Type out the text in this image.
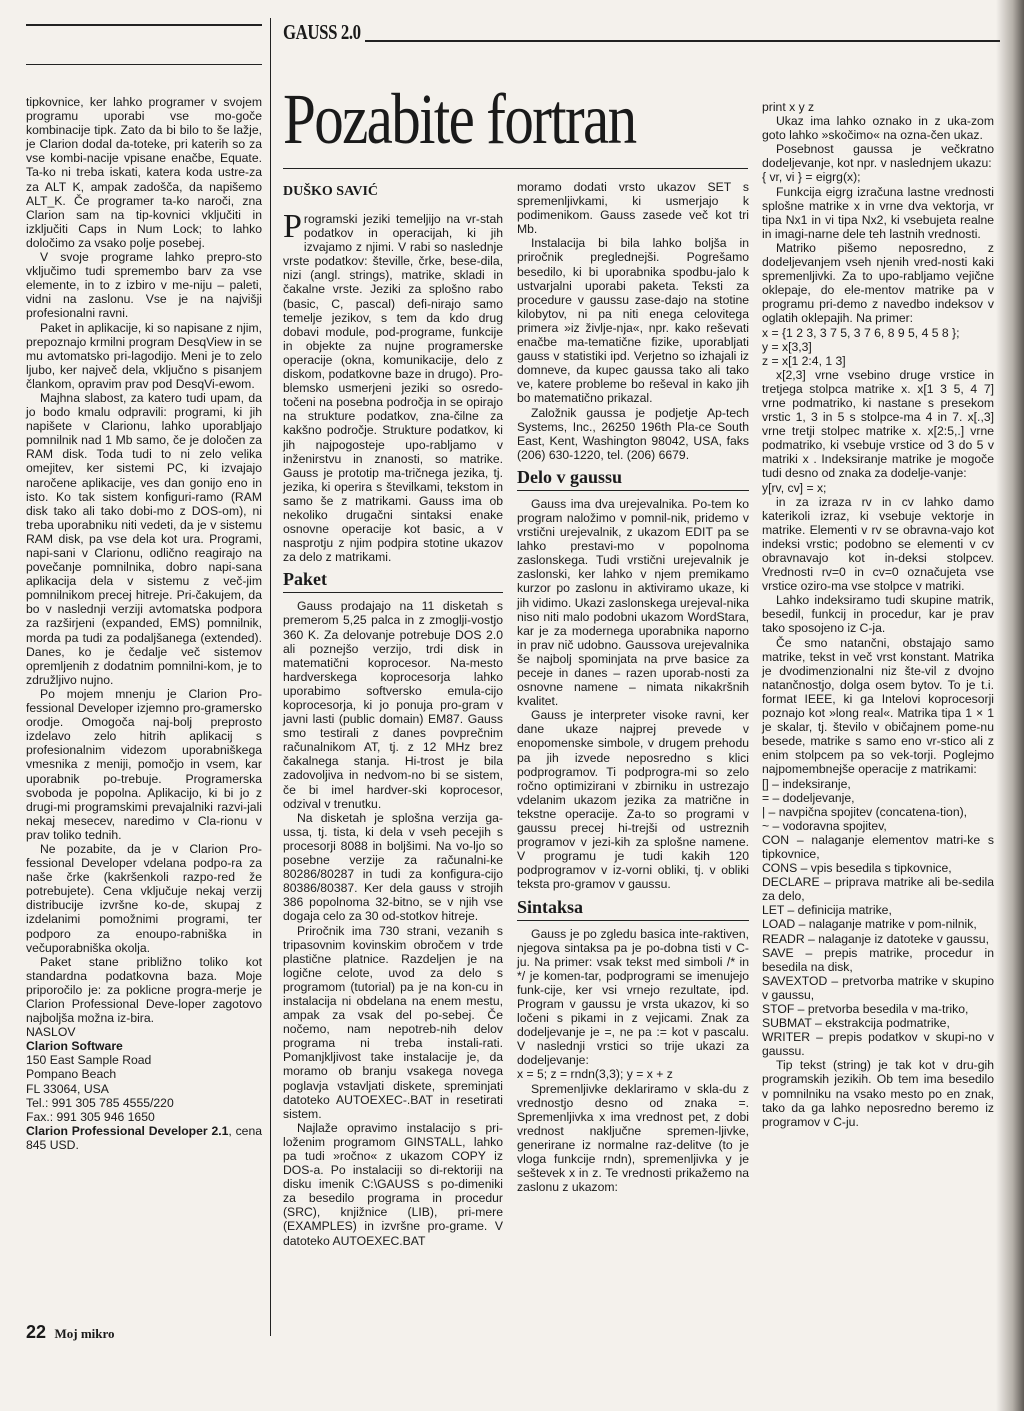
GAUSS 2.0

tipkovnice, ker lahko programer v svojem programu uporabi vse mo-goče kombinacije tipk. Zato da bi bilo to še lažje, je Clarion dodal da-toteke, pri katerih so za vse kombi-nacije vpisane enačbe, Equate. Ta-ko ni treba iskati, katera koda ustre-za za ALT K, ampak zadošča, da napišemo ALT_K. Če programer ta-ko naroči, zna Clarion sam na tip-kovnici vključiti in izključiti Caps in Num Lock; to lahko določimo za vsako polje posebej.

V svoje programe lahko prepro-sto vključimo tudi spremembo barv za vse elemente, in to z izbiro v me-niju – paleti, vidni na zaslonu. Vse je na najvišji profesionalni ravni.

Paket in aplikacije, ki so napisane z njim, prepoznajo krmilni program DesqView in se mu avtomatsko pri-lagodijo. Meni je to zelo ljubo, ker največ dela, vključno s pisanjem člankom, opravim prav pod DesqVi-ewom.

Majhna slabost, za katero tudi upam, da jo bodo kmalu odpravili: programi, ki jih napišete v Clarionu, lahko uporabljajo pomnilnik nad 1 Mb samo, če je določen za RAM disk. Toda tudi to ni zelo velika omejitev, ker sistemi PC, ki izvajajo naročene aplikacije, ves dan gonijo eno in isto. Ko tak sistem konfiguri-ramo (RAM disk tako ali tako dobi-mo z DOS-om), ni treba uporabniku niti vedeti, da je v sistemu RAM disk, pa vse dela kot ura. Programi, napi-sani v Clarionu, odlično reagirajo na povečanje pomnilnika, dobro napi-sana aplikacija dela v sistemu z več-jim pomnilnikom precej hitreje. Pri-čakujem, da bo v naslednji verziji avtomatska podpora za razširjeni (expanded, EMS) pomnilnik, morda pa tudi za podaljšanega (extended). Danes, ko je čedalje več sistemov opremljenih z dodatnim pomnilni-kom, je to združljivo nujno.

Po mojem mnenju je Clarion Pro-fessional Developer izjemno pro-gramersko orodje. Omogoča naj-bolj preprosto izdelavo zelo hitrih aplikacij s profesionalnim videzom uporabniškega vmesnika z meniji, pomočjo in vsem, kar uporabnik po-trebuje. Programerska svoboda je popolna. Aplikacijo, ki bi jo z drugi-mi programskimi prevajalniki razvi-jali nekaj mesecev, naredimo v Cla-rionu v prav toliko tednih.

Ne pozabite, da je v Clarion Pro-fessional Developer vdelana podpo-ra za naše črke (kakršenkoli razpo-red že potrebujete). Cena vključuje nekaj verzij distribucije izvršne ko-de, skupaj z izdelanimi pomožnimi programi, ter podporo za enoupo-rabniška in večuporabniška okolja.

Paket stane približno toliko kot standardna podatkovna baza. Moje priporočilo je: za poklicne progra-merje je Clarion Professional Deve-loper zagotovo najboljša možna iz-bira.

NASLOV

Clarion Software

150 East Sample Road

Pompano Beach

FL 33064, USA

Tel.: 991 305 785 4555/220

Fax.: 991 305 946 1650

Clarion Professional Developer 2.1, cena 845 USD.

Pozabite fortran
DUŠKO SAVIĆ

Programski jeziki temeljijo na vr-stah podatkov in operacijah, ki jih izvajamo z njimi. V rabi so naslednje vrste podatkov: števille, črke, bese-dila, nizi (angl. strings), matrike, skladi in čakalne vrste. Jeziki za splošno rabo (basic, C, pascal) defi-nirajo samo temelje jezikov, s tem da kdo drug dobavi module, pod-programe, funkcije in objekte za nujne programerske operacije (okna, komunikacije, delo z diskom, podatkovne baze in drugo). Pro-blemsko usmerjeni jeziki so osredo-točeni na posebna področja in se opirajo na strukture podatkov, zna-čilne za kakšno področje. Strukture podatkov, ki jih najpogosteje upo-rabljamo v inženirstvu in znanosti, so matrike. Gauss je prototip ma-tričnega jezika, tj. jezika, ki operira s številkami, tekstom in samo še z matrikami. Gauss ima ob nekoliko drugačni sintaksi enake osnovne operacije kot basic, a v nasprotju z njim podpira stotine ukazov za delo z matrikami.

Paket

Gauss prodajajo na 11 disketah s premerom 5,25 palca in z zmoglji-vostjo 360 K. Za delovanje potrebuje DOS 2.0 ali poznejšo verzijo, trdi disk in matematični koprocesor. Na-mesto hardverskega koprocesorja lahko uporabimo softversko emula-cijo koprocesorja, ki jo ponuja pro-gram v javni lasti (public domain) EM87. Gauss smo testirali z danes povprečnim računalnikom AT, tj. z 12 MHz brez čakalnega stanja. Hi-trost je bila zadovoljiva in nedvom-no bi se sistem, če bi imel hardver-ski koprocesor, odzival v trenutku.

Na disketah je splošna verzija ga-ussa, tj. tista, ki dela v vseh pecejih s procesorji 8088 in boljšimi. Na vo-ljo so posebne verzije za računalni-ke 80286/80287 in tudi za konfigura-cijo 80386/80387. Ker dela gauss v strojih 386 popolnoma 32-bitno, se v njih vse dogaja celo za 30 od-stotkov hitreje.

Priročnik ima 730 strani, vezanih s tripasovnim kovinskim obročem v trde plastične platnice. Razdeljen je na logične celote, uvod za delo s programom (tutorial) pa je na kon-cu in instalacija ni obdelana na enem mestu, ampak za vsak del po-sebej. Če nočemo, nam nepotreb-nih delov programa ni treba instali-rati. Pomanjkljivost take instalacije je, da moramo ob branju vsakega novega poglavja vstavljati diskete, spreminjati datoteko AUTOEXEC-.BAT in resetirati sistem.

Najlaže opravimo instalacijo s pri-loženim programom GINSTALL, lahko pa tudi »ročno« z ukazom COPY iz DOS-a. Po instalaciji so di-rektoriji na disku imenik C:\GAUSS s po-dimeniki za besedilo programa in procedur (SRC), knjižnice (LIB), pri-mere (EXAMPLES) in izvršne pro-grame. V datoteko AUTOEXEC.BAT

moramo dodati vrsto ukazov SET s spremenljivkami, ki usmerjajo k podimenikom. Gauss zasede več kot tri Mb.

Instalacija bi bila lahko boljša in priročnik preglednejši. Pogrešamo besedilo, ki bi uporabnika spodbu-jalo k ustvarjalni uporabi paketa. Teksti za procedure v gaussu zase-dajo na stotine kilobytov, ni pa niti enega celovitega primera »iz življe-nja«, npr. kako reševati enačbe ma-tematične fizike, uporabljati gauss v statistiki ipd. Verjetno so izhajali iz domneve, da kupec gaussa tako ali tako ve, katere probleme bo reševal in kako jih bo matematično prikazal.

Založnik gaussa je podjetje Ap-tech Systems, Inc., 26250 196th Pla-ce South East, Kent, Washington 98042, USA, faks (206) 630-1220, tel. (206) 6679.

Delo v gaussu

Gauss ima dva urejevalnika. Po-tem ko program naložimo v pomnil-nik, pridemo v vrstični urejevalnik, z ukazom EDIT pa se lahko prestavi-mo v popolnoma zaslonskega. Tudi vrstični urejevalnik je zaslonski, ker lahko v njem premikamo kurzor po zaslonu in aktiviramo ukaze, ki jih vidimo. Ukazi zaslonskega urejeval-nika niso niti malo podobni ukazom WordStara, kar je za modernega uporabnika naporno in prav nič udobno. Gaussova urejevalnika še najbolj spominjata na prve basice za peceje in danes – razen uporab-nosti za osnovne namene – nimata nikakršnih kvalitet.

Gauss je interpreter visoke ravni, ker dane ukaze najprej prevede v enopomenske simbole, v drugem prehodu pa jih izvede neposredno s klici podprogramov. Ti podprogra-mi so zelo ročno optimizirani v zbirniku in ustrezajo vdelanim ukazom jezika za matrične in tekstne operacije. Za-to so programi v gaussu precej hi-trejši od ustreznih programov v jezi-kih za splošne namene. V programu je tudi kakih 120 podprogramov v iz-vorni obliki, tj. v obliki teksta pro-gramov v gaussu.

Sintaksa

Gauss je po zgledu basica inte-raktiven, njegova sintaksa pa je po-dobna tisti v C-ju. Na primer: vsak tekst med simboli /* in */ je komen-tar, podprogrami se imenujejo funk-cije, ker vsi vrnejo rezultate, ipd. Program v gaussu je vrsta ukazov, ki so ločeni s pikami in z vejicami. Znak za dodeljevanje je =, ne pa := kot v pascalu. V naslednji vrstici so trije ukazi za dodeljevanje:

x = 5; z = rndn(3,3); y = x + z

Spremenljivke deklariramo v skla-du z vrednostjo desno od znaka =. Spremenljivka x ima vrednost pet, z dobi vrednost naključne spremen-ljivke, generirane iz normalne raz-delitve (to je vloga funkcije rndn), spremenljivka y je seštevek x in z. Te vrednosti prikažemo na zaslonu z ukazom:

print x y z

Ukaz ima lahko oznako in z uka-zom goto lahko »skočimo« na ozna-čen ukaz.

Posebnost gaussa je večkratno dodeljevanje, kot npr. v naslednjem ukazu:

{ vr, vi } = eigrg(x);

Funkcija eigrg izračuna lastne vrednosti splošne matrike x in vrne dva vektorja, vr tipa Nx1 in vi tipa Nx2, ki vsebujeta realne in imagi-narne dele teh lastnih vrednosti.

Matriko pišemo neposredno, z dodeljevanjem vseh njenih vred-nosti kaki spremenljivki. Za to upo-rabljamo vejične oklepaje, do ele-mentov matrike pa v programu pri-demo z navedbo indeksov v oglatih oklepajih. Na primer:

x = {1 2 3, 3 7 5, 3 7 6, 8 9 5, 4 5 8 };

y = x[3,3]

z = x[1 2:4, 1 3]

x[2,3] vrne vsebino druge vrstice in tretjega stolpca matrike x. x[1 3 5, 4 7] vrne podmatriko, ki nastane s presekom vrstic 1, 3 in 5 s stolpce-ma 4 in 7. x[.,3] vrne tretji stolpec matrike x. x[2:5,.] vrne podmatriko, ki vsebuje vrstice od 3 do 5 v matriki x . Indeksiranje matrike je mogoče tudi desno od znaka za dodelje-vanje:

y[rv, cv] = x;

in za izraza rv in cv lahko damo katerikoli izraz, ki vsebuje vektorje in matrike. Elementi v rv se obravna-vajo kot indeksi vrstic; podobno se elementi v cv obravnavajo kot in-deksi stolpcev. Vrednosti rv=0 in cv=0 označujeta vse vrstice oziro-ma vse stolpce v matriki.

Lahko indeksiramo tudi skupine matrik, besedil, funkcij in procedur, kar je prav tako sposojeno iz C-ja.

Če smo natančni, obstajajo samo matrike, tekst in več vrst konstant. Matrika je dvodimenzionalni niz šte-vil z dvojno natančnostjo, dolga osem bytov. To je t.i. format IEEE, ki ga Intelovi koprocesorji poznajo kot »long real«. Matrika tipa 1 × 1 je skalar, tj. število v običajnem pome-nu besede, matrike s samo eno vr-stico ali z enim stolpcem pa so vek-torji. Poglejmo najpomembnejše operacije z matrikami:

[] – indeksiranje,

= – dodeljevanje,

| – navpična spojitev (concatena-tion),

~ – vodoravna spojitev,

CON – nalaganje elementov matri-ke s tipkovnice,

CONS – vpis besedila s tipkovnice,

DECLARE – priprava matrike ali be-sedila za delo,

LET – definicija matrike,

LOAD – nalaganje matrike v pom-nilnik,

READR – nalaganje iz datoteke v gaussu,

SAVE – prepis matrike, procedur in besedila na disk,

SAVEXTOD – pretvorba matrike v skupino v gaussu,

STOF – pretvorba besedila v ma-triko,

SUBMAT – ekstrakcija podmatrike,

WRITER – prepis podatkov v skupi-no v gaussu.

Tip tekst (string) je tak kot v dru-gih programskih jezikih. Ob tem ima besedilo v pomnilniku na vsako mesto po en znak, tako da ga lahko neposredno beremo iz programov v C-ju.

22 Moj mikro
